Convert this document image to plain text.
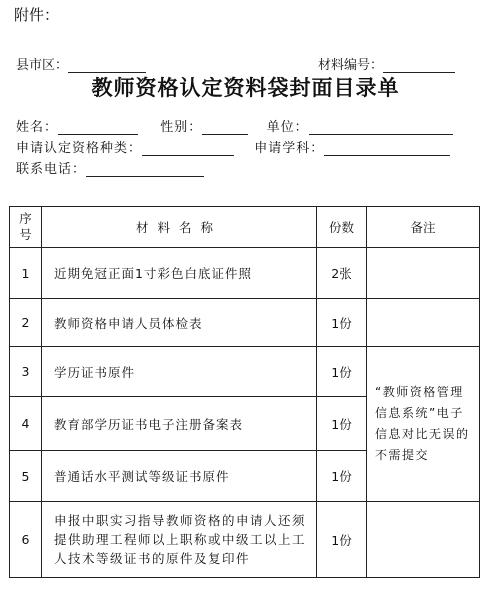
附件：
县市区：	材料编号：
教师资格认定资料袋封面目录单
姓名：	性别：	单位：
申请认定资格种类：	申请学科：
联系电话：
序
号	材料名称	份数	备注
1	近期免冠正面1寸彩色白底证件照	2张	
2	教师资格申请人员体检表	1份	
3	学历证书原件	1份	“教师资格管理信息系统”电子信息对比无误的不需提交
4	教育部学历证书电子注册备案表	1份	
5	普通话水平测试等级证书原件	1份	
6	申报中职实习指导教师资格的申请人还须提供助理工程师以上职称或中级工以上工人技术等级证书的原件及复印件	1份	
